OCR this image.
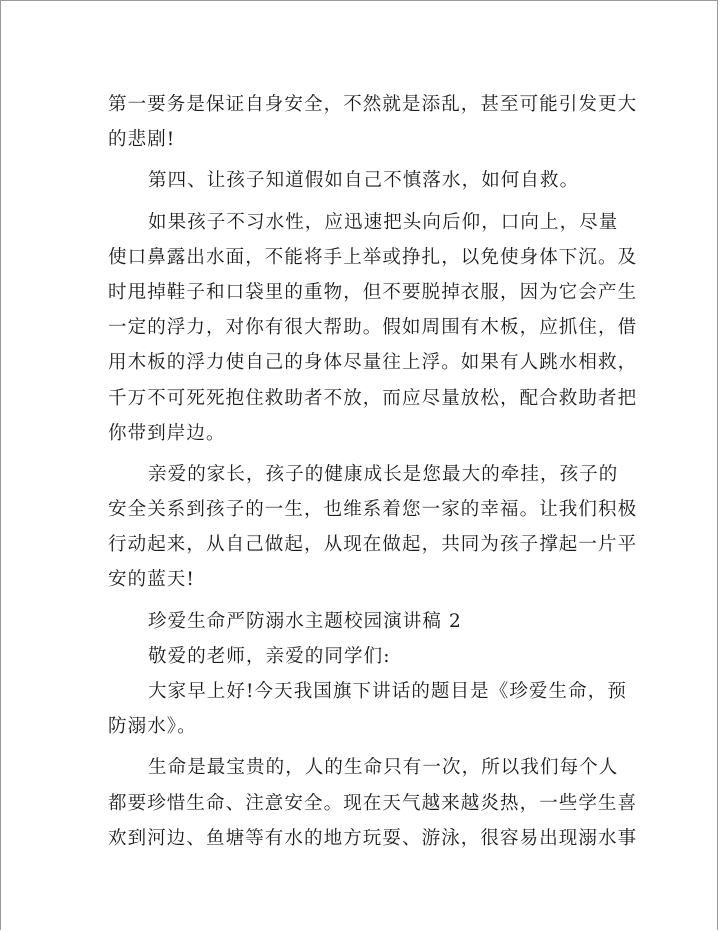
第一要务是保证自身安全，不然就是添乱，甚至可能引发更大
的悲剧!
第四、让孩子知道假如自己不慎落水，如何自救。
如果孩子不习水性，应迅速把头向后仰，口向上，尽量
使口鼻露出水面，不能将手上举或挣扎，以免使身体下沉。及
时甩掉鞋子和口袋里的重物，但不要脱掉衣服，因为它会产生
一定的浮力，对你有很大帮助。假如周围有木板，应抓住，借
用木板的浮力使自己的身体尽量往上浮。如果有人跳水相救，
千万不可死死抱住救助者不放，而应尽量放松，配合救助者把
你带到岸边。
亲爱的家长，孩子的健康成长是您最大的牵挂，孩子的
安全关系到孩子的一生，也维系着您一家的幸福。让我们积极
行动起来，从自己做起，从现在做起，共同为孩子撑起一片平
安的蓝天!
珍爱生命严防溺水主题校园演讲稿 2
敬爱的老师，亲爱的同学们:
大家早上好!今天我国旗下讲话的题目是《珍爱生命，预
防溺水》。
生命是最宝贵的，人的生命只有一次，所以我们每个人
都要珍惜生命、注意安全。现在天气越来越炎热，一些学生喜
欢到河边、鱼塘等有水的地方玩耍、游泳，很容易出现溺水事
